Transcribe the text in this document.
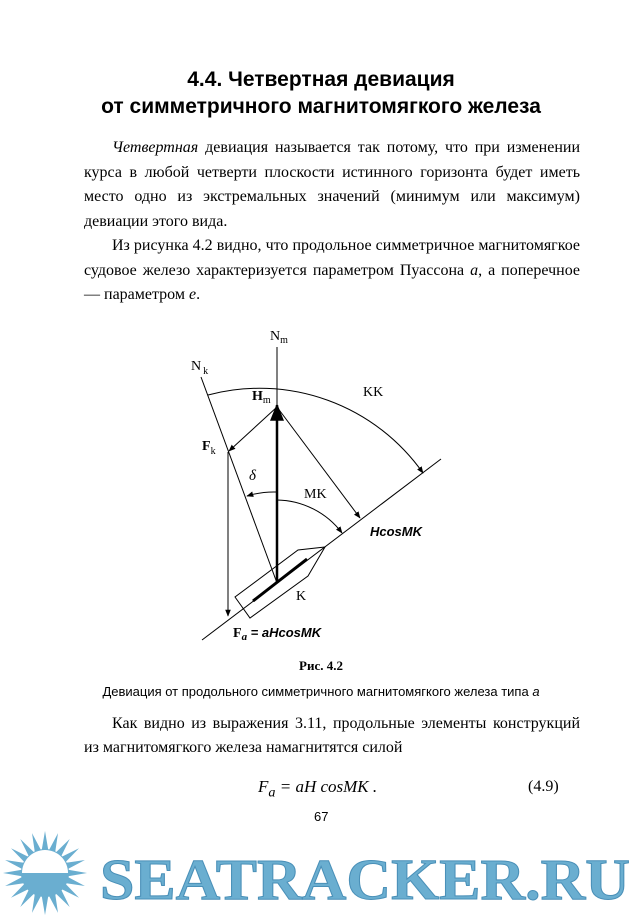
4.4. Четвертная девиация
от симметричного магнитомягкого железа
Четвертная девиация называется так потому, что при изменении курса в любой четверти плоскости истинного горизонта будет иметь место одно из экстремальных значений (минимум или максимум) девиации этого вида.
Из рисунка 4.2 видно, что продольное симметричное магнитомягкое судовое железо характеризуется параметром Пуассона a, а поперечное — параметром e.
$N_m$
N $_k$
$H_m$
$F_k$
KK
MK
δ
HcosMK
K
$F_a$ = aHcosMK
Рис. 4.2
Девиация от продольного симметричного магнитомягкого железа типа a
Как видно из выражения 3.11, продольные элементы конструкций из магнитомягкого железа намагнитятся силой
$F_a$ = aH cosMK .	(4.9)
67
SEATRACKER.RU
